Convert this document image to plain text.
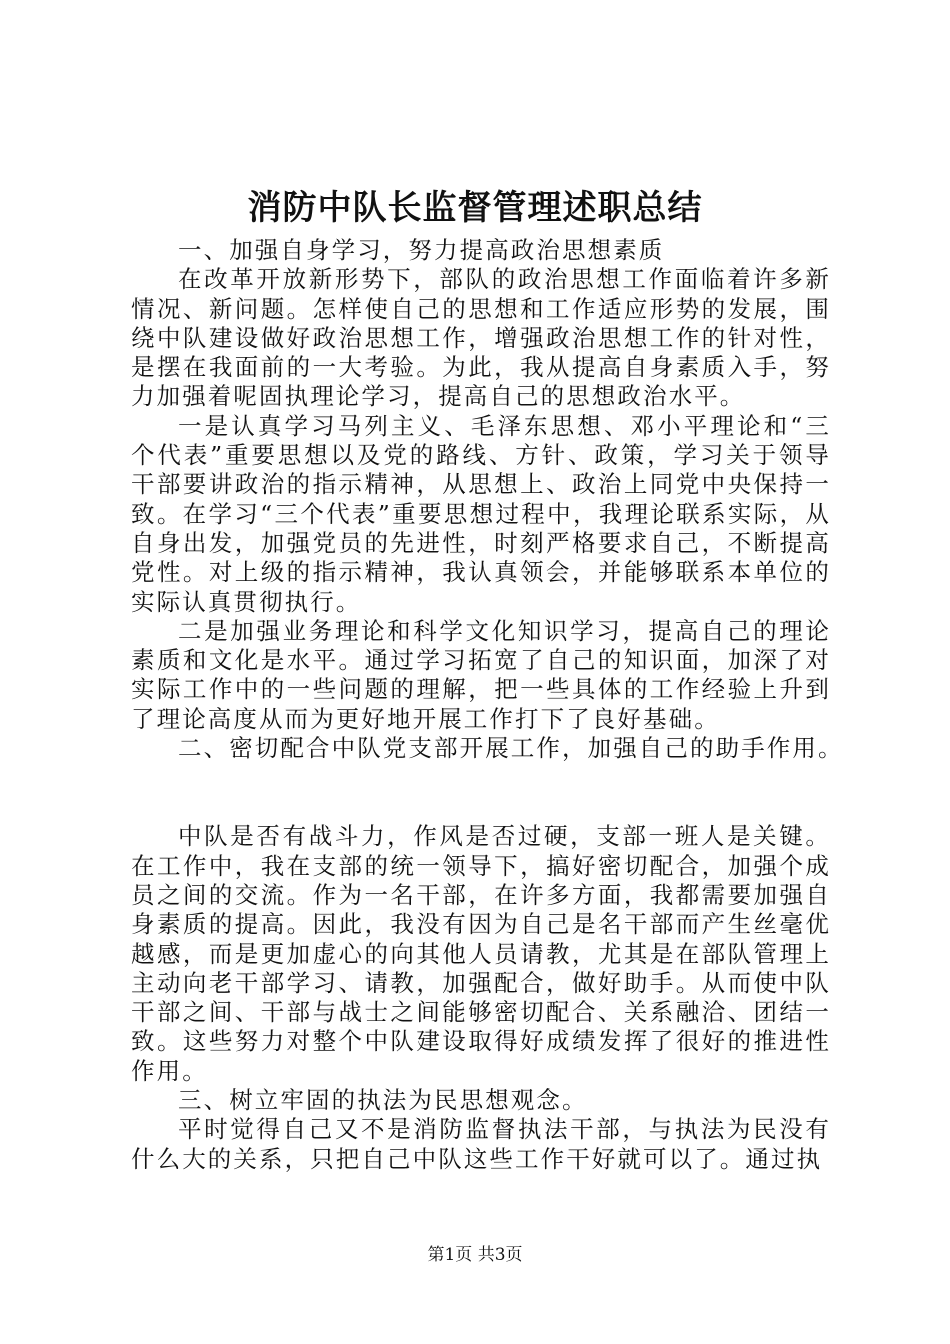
消防中队长监督管理述职总结

一、加强自身学习，努力提高政治思想素质

在改革开放新形势下，部队的政治思想工作面临着许多新情况、新问题。怎样使自己的思想和工作适应形势的发展，围绕中队建设做好政治思想工作，增强政治思想工作的针对性，是摆在我面前的一大考验。为此，我从提高自身素质入手，努力加强着呢固执理论学习，提高自己的思想政治水平。

一是认真学习马列主义、毛泽东思想、邓小平理论和“三个代表”重要思想以及党的路线、方针、政策，学习关于领导干部要讲政治的指示精神，从思想上、政治上同党中央保持一致。在学习“三个代表”重要思想过程中，我理论联系实际，从自身出发，加强党员的先进性，时刻严格要求自己，不断提高党性。对上级的指示精神，我认真领会，并能够联系本单位的实际认真贯彻执行。

二是加强业务理论和科学文化知识学习，提高自己的理论素质和文化是水平。通过学习拓宽了自己的知识面，加深了对实际工作中的一些问题的理解，把一些具体的工作经验上升到了理论高度从而为更好地开展工作打下了良好基础。

二、密切配合中队党支部开展工作，加强自己的助手作用。

中队是否有战斗力，作风是否过硬，支部一班人是关键。在工作中，我在支部的统一领导下，搞好密切配合，加强个成员之间的交流。作为一名干部，在许多方面，我都需要加强自身素质的提高。因此，我没有因为自己是名干部而产生丝毫优越感，而是更加虚心的向其他人员请教，尤其是在部队管理上主动向老干部学习、请教，加强配合，做好助手。从而使中队干部之间、干部与战士之间能够密切配合、关系融洽、团结一致。这些努力对整个中队建设取得好成绩发挥了很好的推进性作用。

三、树立牢固的执法为民思想观念。

平时觉得自己又不是消防监督执法干部，与执法为民没有什么大的关系，只把自己中队这些工作干好就可以了。通过执

第1页 共3页
